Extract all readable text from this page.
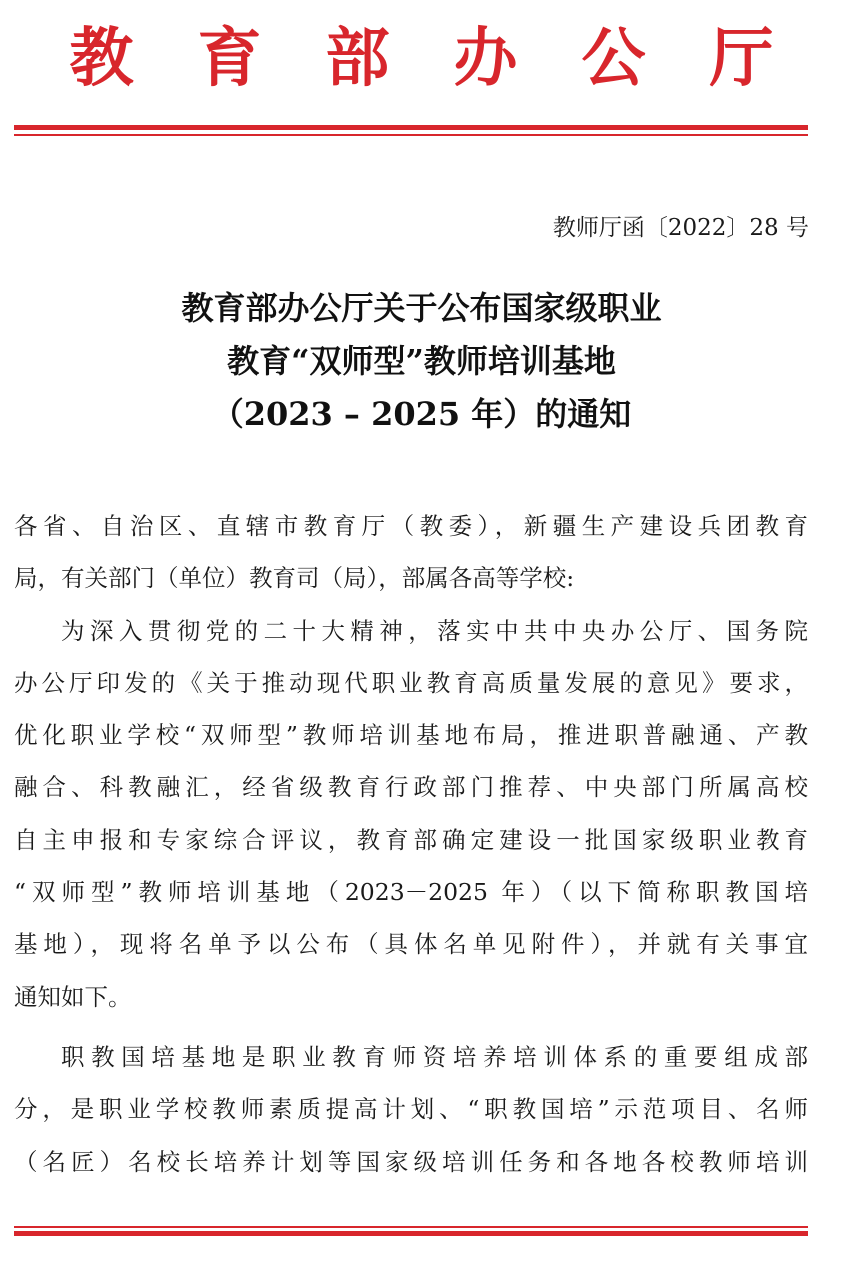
教	育	部	办	公	厅
教师厅函〔2022〕28 号
教育部办公厅关于公布国家级职业
教育“双师型”教师培训基地
（2023 – 2025 年）的通知
各省、自治区、直辖市教育厅（教委），新疆生产建设兵团教育
局，有关部门（单位）教育司（局），部属各高等学校:
为深入贯彻党的二十大精神，落实中共中央办公厅、国务院
办公厅印发的《关于推动现代职业教育高质量发展的意见》要求，
优化职业学校“双师型”教师培训基地布局，推进职普融通、产教
融合、科教融汇，经省级教育行政部门推荐、中央部门所属高校
自主申报和专家综合评议，教育部确定建设一批国家级职业教育
“双师型”教师培训基地（2023－2025 年）（以下简称职教国培
基地），现将名单予以公布（具体名单见附件），并就有关事宜
通知如下。
职教国培基地是职业教育师资培养培训体系的重要组成部
分，是职业学校教师素质提高计划、“职教国培”示范项目、名师
（名匠）名校长培养计划等国家级培训任务和各地各校教师培训
